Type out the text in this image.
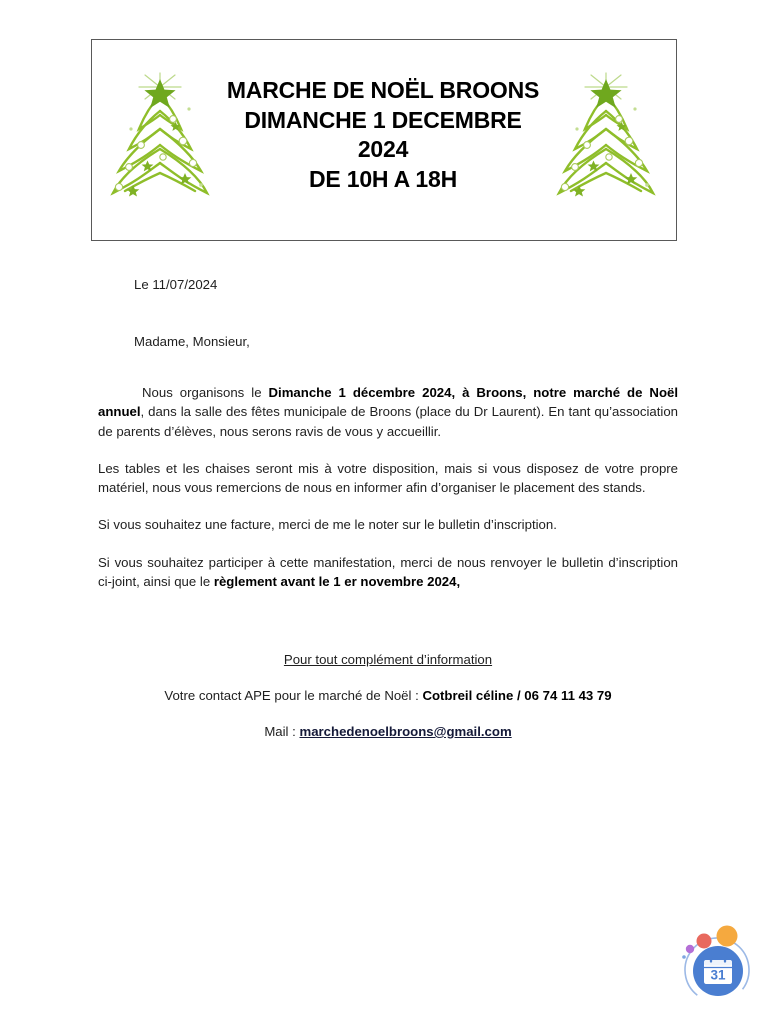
MARCHE DE NOËL BROONS
DIMANCHE 1 DECEMBRE
2024
DE 10H A 18H
Le 11/07/2024
Madame, Monsieur,

Nous organisons le Dimanche 1 décembre 2024, à Broons, notre marché de Noël annuel, dans la salle des fêtes municipale de Broons (place du Dr Laurent). En tant qu’association de parents d’élèves, nous serons ravis de vous y accueillir.

Les tables et les chaises seront mis à votre disposition, mais si vous disposez de votre propre matériel, nous vous remercions de nous en informer afin d’organiser le placement des stands.

Si vous souhaitez une facture, merci de me le noter sur le bulletin d’inscription.

Si vous souhaitez participer à cette manifestation, merci de nous renvoyer le bulletin d’inscription ci-joint, ainsi que le règlement avant le 1 er novembre 2024,

Pour tout complément d’information
Votre contact APE pour le marché de Noël : Cotbreil céline / 06 74 11 43 79
Mail : marchedenoelbroons@gmail.com
31
